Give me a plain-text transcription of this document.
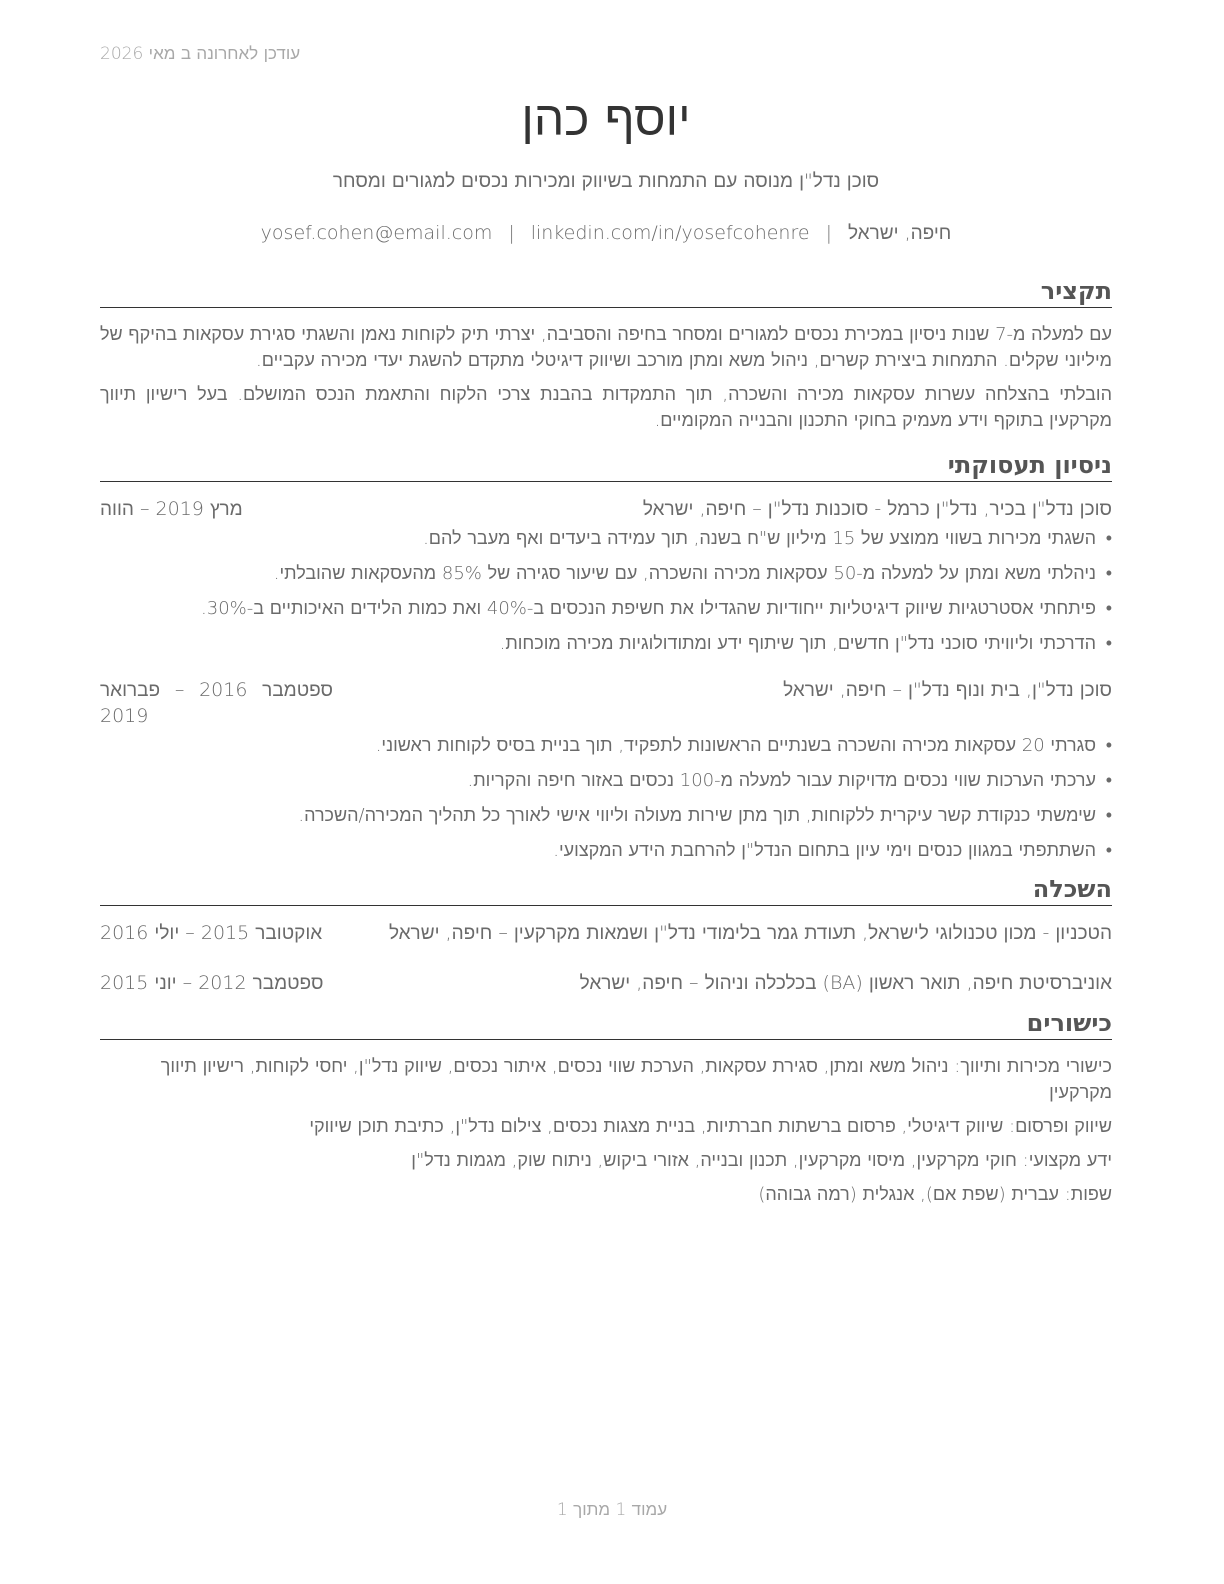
עודכן לאחרונה ב מאי 2026
יוסף כהן
סוכן נדל"ן מנוסה עם התמחות בשיווק ומכירות נכסים למגורים ומסחר
חיפה, ישראל|yosef.cohen@email.com | linkedin.com/in/yosefcohenre
תקציר

עם למעלה מ-7 שנות ניסיון במכירת נכסים למגורים ומסחר בחיפה והסביבה, יצרתי תיק לקוחות נאמן והשגתי סגירת עסקאות בהיקף של מיליוני שקלים. התמחות ביצירת קשרים, ניהול משא ומתן מורכב ושיווק דיגיטלי מתקדם להשגת יעדי מכירה עקביים.

הובלתי בהצלחה עשרות עסקאות מכירה והשכרה, תוך התמקדות בהבנת צרכי הלקוח והתאמת הנכס המושלם. בעל רישיון תיווך מקרקעין בתוקף וידע מעמיק בחוקי התכנון והבנייה המקומיים.

ניסיון תעסוקתי
סוכן נדל"ן בכיר, נדל"ן כרמל - סוכנות נדל"ן – חיפה, ישראל
מרץ 2019 – הווה
• השגתי מכירות בשווי ממוצע של 15 מיליון ש"ח בשנה, תוך עמידה ביעדים ואף מעבר להם.
• ניהלתי משא ומתן על למעלה מ-50 עסקאות מכירה והשכרה, עם שיעור סגירה של 85% מהעסקאות שהובלתי.
• פיתחתי אסטרטגיות שיווק דיגיטליות ייחודיות שהגדילו את חשיפת הנכסים ב-40% ואת כמות הלידים האיכותיים ב-30%.
• הדרכתי וליוויתי סוכני נדל"ן חדשים, תוך שיתוף ידע ומתודולוגיות מכירה מוכחות.
סוכן נדל"ן, בית ונוף נדל"ן – חיפה, ישראל
ספטמבר 2016 – פברואר 2019
• סגרתי 20 עסקאות מכירה והשכרה בשנתיים הראשונות לתפקיד, תוך בניית בסיס לקוחות ראשוני.
• ערכתי הערכות שווי נכסים מדויקות עבור למעלה מ-100 נכסים באזור חיפה והקריות.
• שימשתי כנקודת קשר עיקרית ללקוחות, תוך מתן שירות מעולה וליווי אישי לאורך כל תהליך המכירה/השכרה.
• השתתפתי במגוון כנסים וימי עיון בתחום הנדל"ן להרחבת הידע המקצועי.
השכלה
הטכניון - מכון טכנולוגי לישראל, תעודת גמר בלימודי נדל"ן ושמאות מקרקעין – חיפה, ישראל
אוקטובר 2015 – יולי 2016
אוניברסיטת חיפה, תואר ראשון (BA) בכלכלה וניהול – חיפה, ישראל
ספטמבר 2012 – יוני 2015
כישורים
כישורי מכירות ותיווך: ניהול משא ומתן, סגירת עסקאות, הערכת שווי נכסים, איתור נכסים, שיווק נדל"ן, יחסי לקוחות, רישיון תיווך מקרקעין
שיווק ופרסום: שיווק דיגיטלי, פרסום ברשתות חברתיות, בניית מצגות נכסים, צילום נדל"ן, כתיבת תוכן שיווקי
ידע מקצועי: חוקי מקרקעין, מיסוי מקרקעין, תכנון ובנייה, אזורי ביקוש, ניתוח שוק, מגמות נדל"ן
שפות: עברית (שפת אם), אנגלית (רמה גבוהה)
עמוד 1 מתוך 1
